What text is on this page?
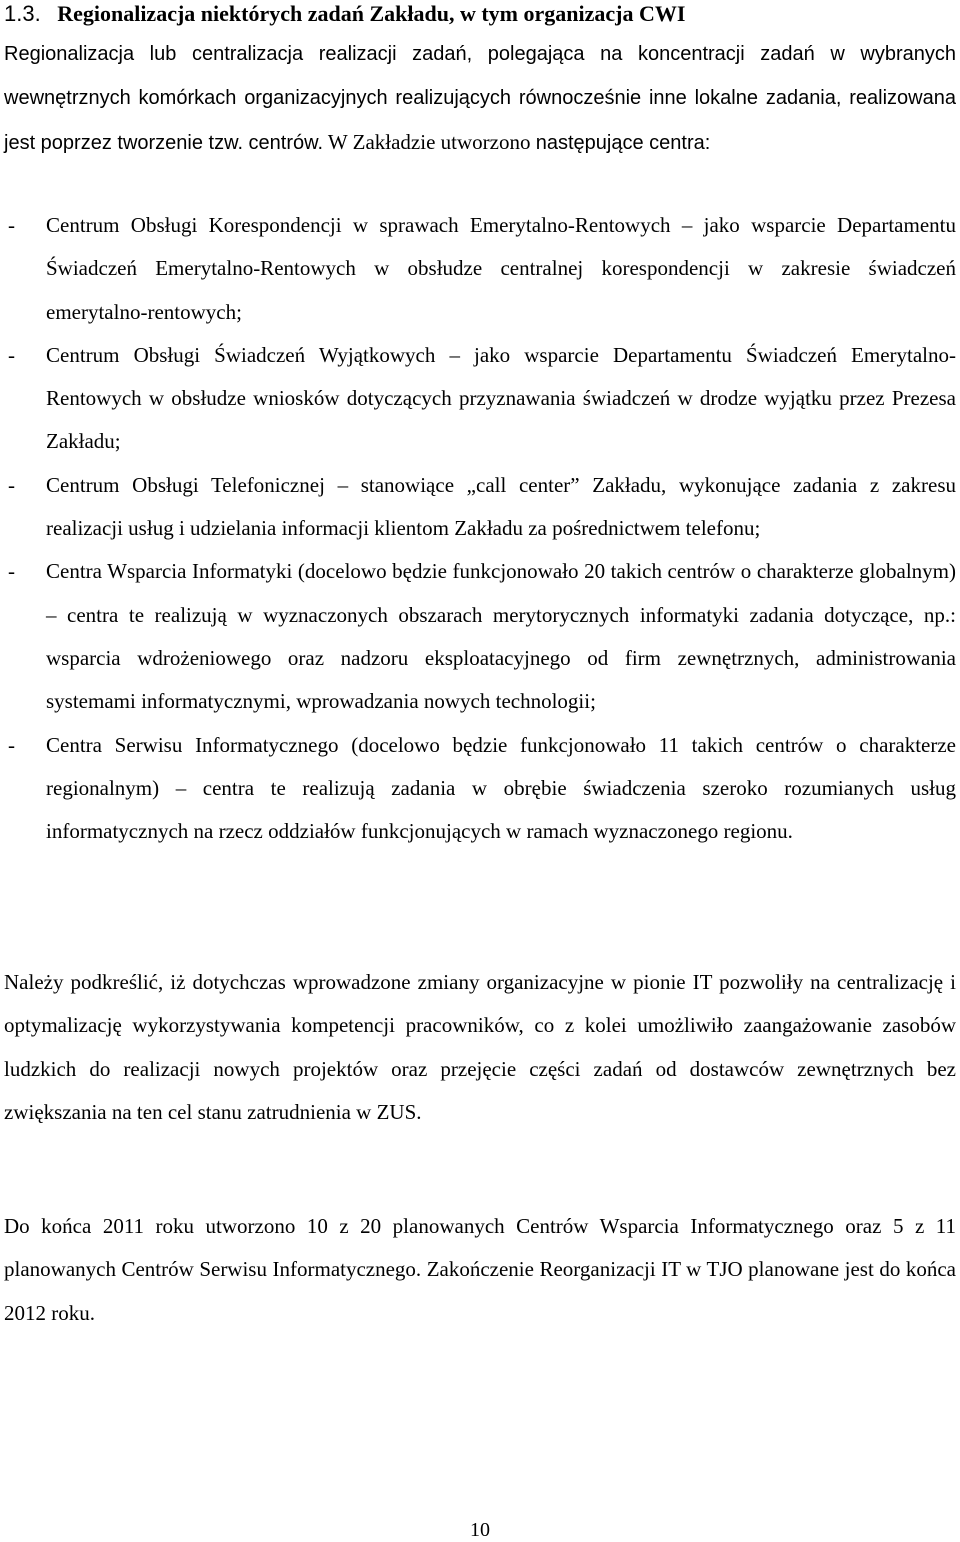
1.3. Regionalizacja niektórych zadań Zakładu, w tym organizacja CWI
Regionalizacja lub centralizacja realizacji zadań, polegająca na koncentracji zadań w wybranych wewnętrznych komórkach organizacyjnych realizujących równocześnie inne lokalne zadania, realizowana jest poprzez tworzenie tzw. centrów. W Zakładzie utworzono następujące centra:
- Centrum Obsługi Korespondencji w sprawach Emerytalno-Rentowych – jako wsparcie Departamentu Świadczeń Emerytalno-Rentowych w obsłudze centralnej korespondencji w zakresie świadczeń emerytalno-rentowych;
- Centrum Obsługi Świadczeń Wyjątkowych – jako wsparcie Departamentu Świadczeń Emerytalno-Rentowych w obsłudze wniosków dotyczących przyznawania świadczeń w drodze wyjątku przez Prezesa Zakładu;
- Centrum Obsługi Telefonicznej – stanowiące „call center” Zakładu, wykonujące zadania z zakresu realizacji usług i udzielania informacji klientom Zakładu za pośrednictwem telefonu;
- Centra Wsparcia Informatyki (docelowo będzie funkcjonowało 20 takich centrów o charakterze globalnym) – centra te realizują w wyznaczonych obszarach merytorycznych informatyki zadania dotyczące, np.: wsparcia wdrożeniowego oraz nadzoru eksploatacyjnego od firm zewnętrznych, administrowania systemami informatycznymi, wprowadzania nowych technologii;
- Centra Serwisu Informatycznego (docelowo będzie funkcjonowało 11 takich centrów o charakterze regionalnym) – centra te realizują zadania w obrębie świadczenia szeroko rozumianych usług informatycznych na rzecz oddziałów funkcjonujących w ramach wyznaczonego regionu.
Należy podkreślić, iż dotychczas wprowadzone zmiany organizacyjne w pionie IT pozwoliły na centralizację i optymalizację wykorzystywania kompetencji pracowników, co z kolei umożliwiło zaangażowanie zasobów ludzkich do realizacji nowych projektów oraz przejęcie części zadań od dostawców zewnętrznych bez zwiększania na ten cel stanu zatrudnienia w ZUS.
Do końca 2011 roku utworzono 10 z 20 planowanych Centrów Wsparcia Informatycznego oraz 5 z 11 planowanych Centrów Serwisu Informatycznego. Zakończenie Reorganizacji IT w TJO planowane jest do końca 2012 roku.
10
